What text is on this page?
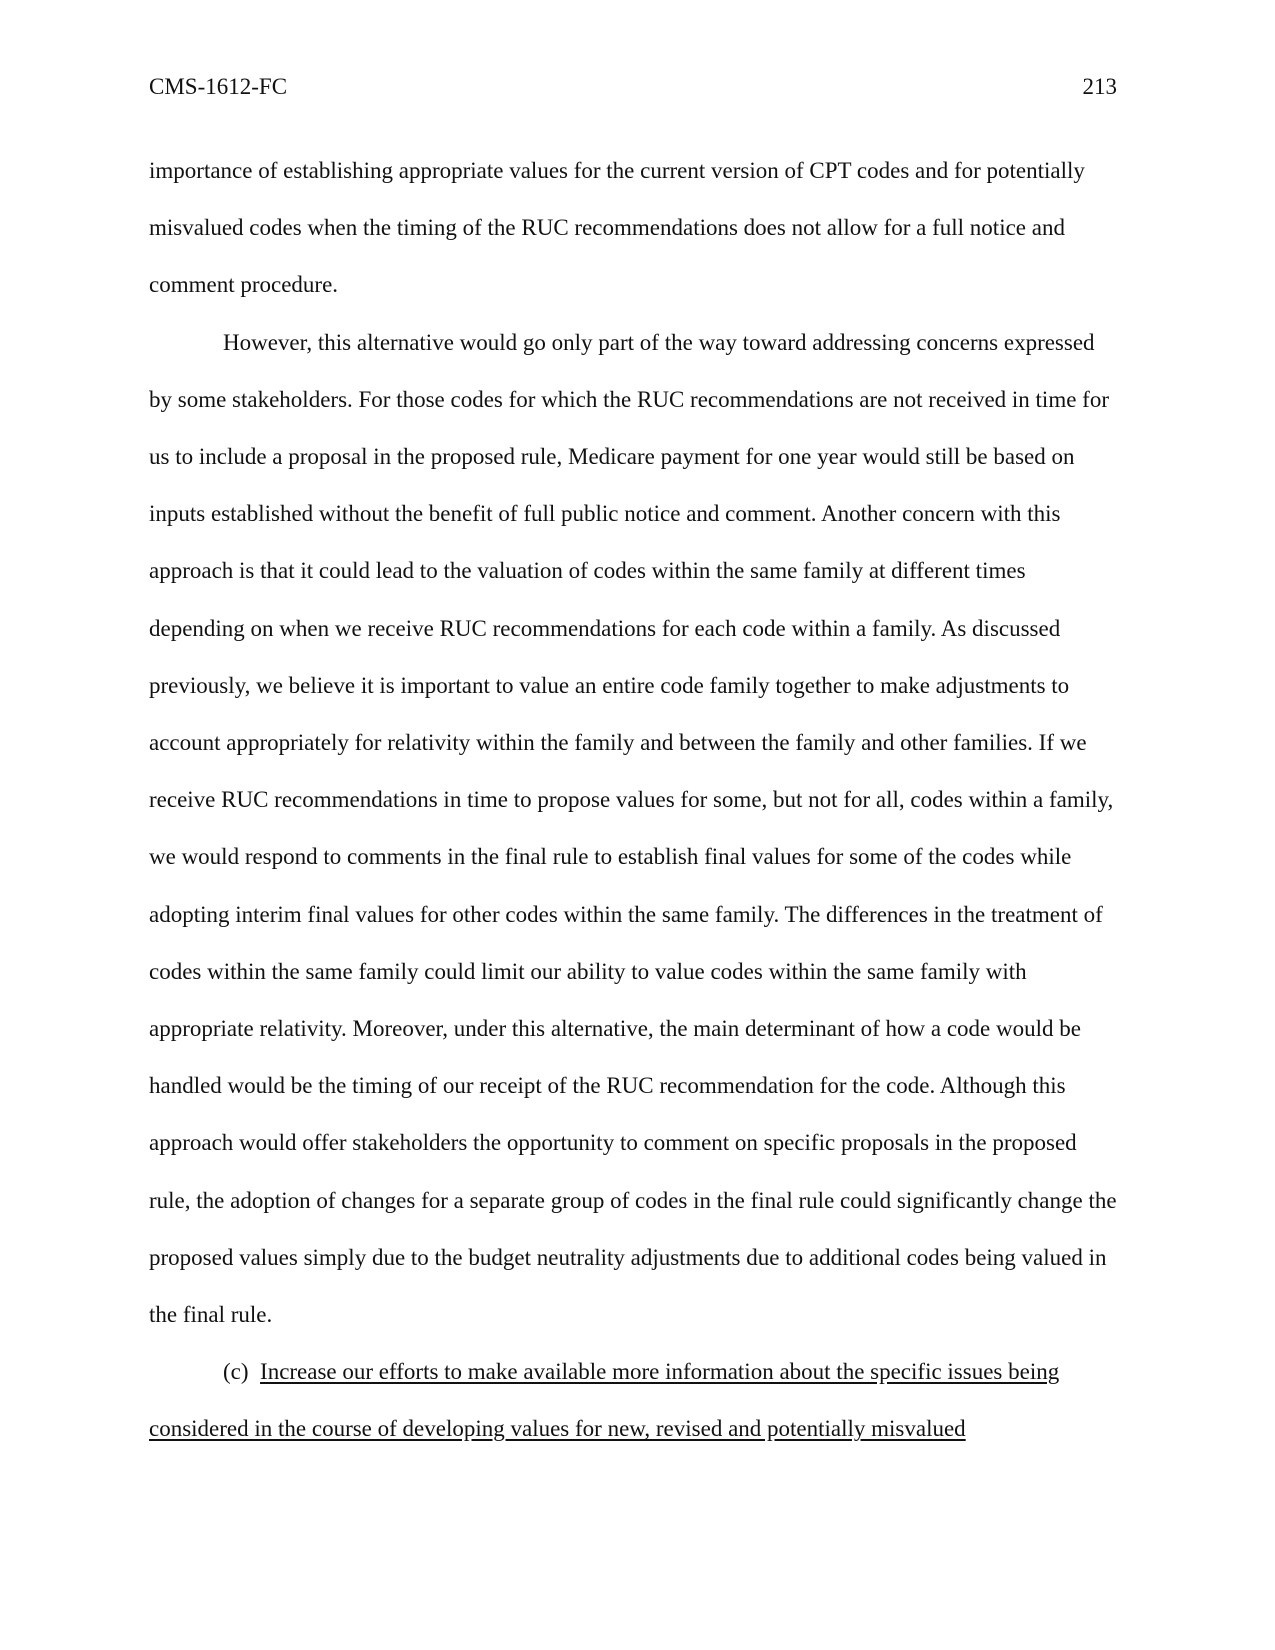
CMS-1612-FC	213

importance of establishing appropriate values for the current version of CPT codes and for potentially misvalued codes when the timing of the RUC recommendations does not allow for a full notice and comment procedure.

However, this alternative would go only part of the way toward addressing concerns expressed by some stakeholders. For those codes for which the RUC recommendations are not received in time for us to include a proposal in the proposed rule, Medicare payment for one year would still be based on inputs established without the benefit of full public notice and comment. Another concern with this approach is that it could lead to the valuation of codes within the same family at different times depending on when we receive RUC recommendations for each code within a family. As discussed previously, we believe it is important to value an entire code family together to make adjustments to account appropriately for relativity within the family and between the family and other families. If we receive RUC recommendations in time to propose values for some, but not for all, codes within a family, we would respond to comments in the final rule to establish final values for some of the codes while adopting interim final values for other codes within the same family. The differences in the treatment of codes within the same family could limit our ability to value codes within the same family with appropriate relativity. Moreover, under this alternative, the main determinant of how a code would be handled would be the timing of our receipt of the RUC recommendation for the code. Although this approach would offer stakeholders the opportunity to comment on specific proposals in the proposed rule, the adoption of changes for a separate group of codes in the final rule could significantly change the proposed values simply due to the budget neutrality adjustments due to additional codes being valued in the final rule.

(c) Increase our efforts to make available more information about the specific issues being considered in the course of developing values for new, revised and potentially misvalued
